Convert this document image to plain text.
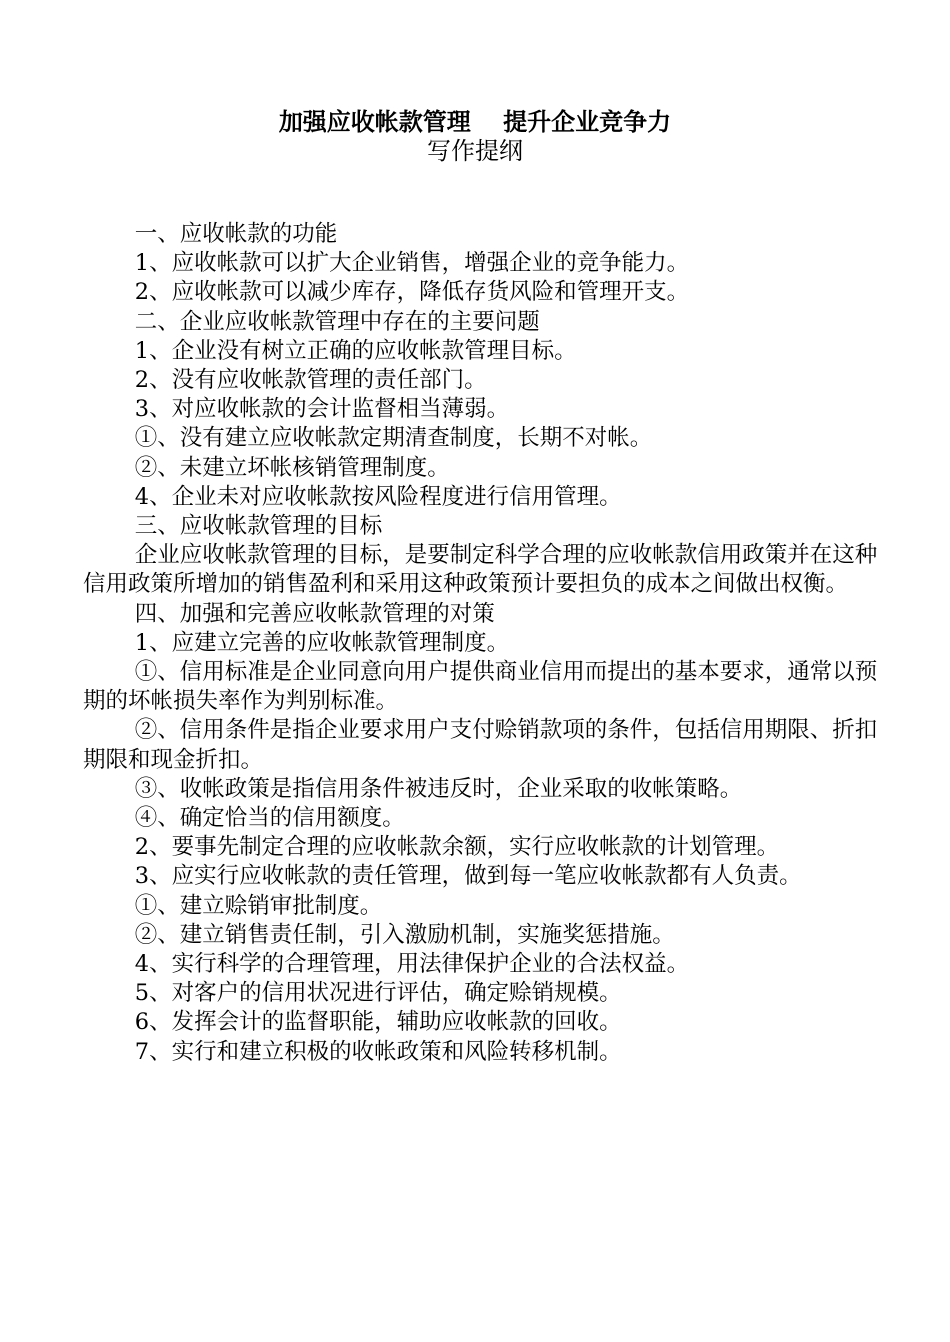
加强应收帐款管理　 提升企业竞争力
写作提纲

一、应收帐款的功能

1、应收帐款可以扩大企业销售，增强企业的竞争能力。

2、应收帐款可以减少库存，降低存货风险和管理开支。

二、企业应收帐款管理中存在的主要问题

1、企业没有树立正确的应收帐款管理目标。

2、没有应收帐款管理的责任部门。

3、对应收帐款的会计监督相当薄弱。

①、没有建立应收帐款定期清查制度，长期不对帐。

②、未建立坏帐核销管理制度。

4、企业未对应收帐款按风险程度进行信用管理。

三、应收帐款管理的目标

企业应收帐款管理的目标，是要制定科学合理的应收帐款信用政策并在这种信用政策所增加的销售盈利和采用这种政策预计要担负的成本之间做出权衡。

四、加强和完善应收帐款管理的对策

1、应建立完善的应收帐款管理制度。

①、信用标准是企业同意向用户提供商业信用而提出的基本要求，通常以预期的坏帐损失率作为判别标准。

②、信用条件是指企业要求用户支付赊销款项的条件，包括信用期限、折扣期限和现金折扣。

③、收帐政策是指信用条件被违反时，企业采取的收帐策略。

④、确定恰当的信用额度。

2、要事先制定合理的应收帐款余额，实行应收帐款的计划管理。

3、应实行应收帐款的责任管理，做到每一笔应收帐款都有人负责。

①、建立赊销审批制度。

②、建立销售责任制，引入激励机制，实施奖惩措施。

4、实行科学的合理管理，用法律保护企业的合法权益。

5、对客户的信用状况进行评估，确定赊销规模。

6、发挥会计的监督职能，辅助应收帐款的回收。

7、实行和建立积极的收帐政策和风险转移机制。
